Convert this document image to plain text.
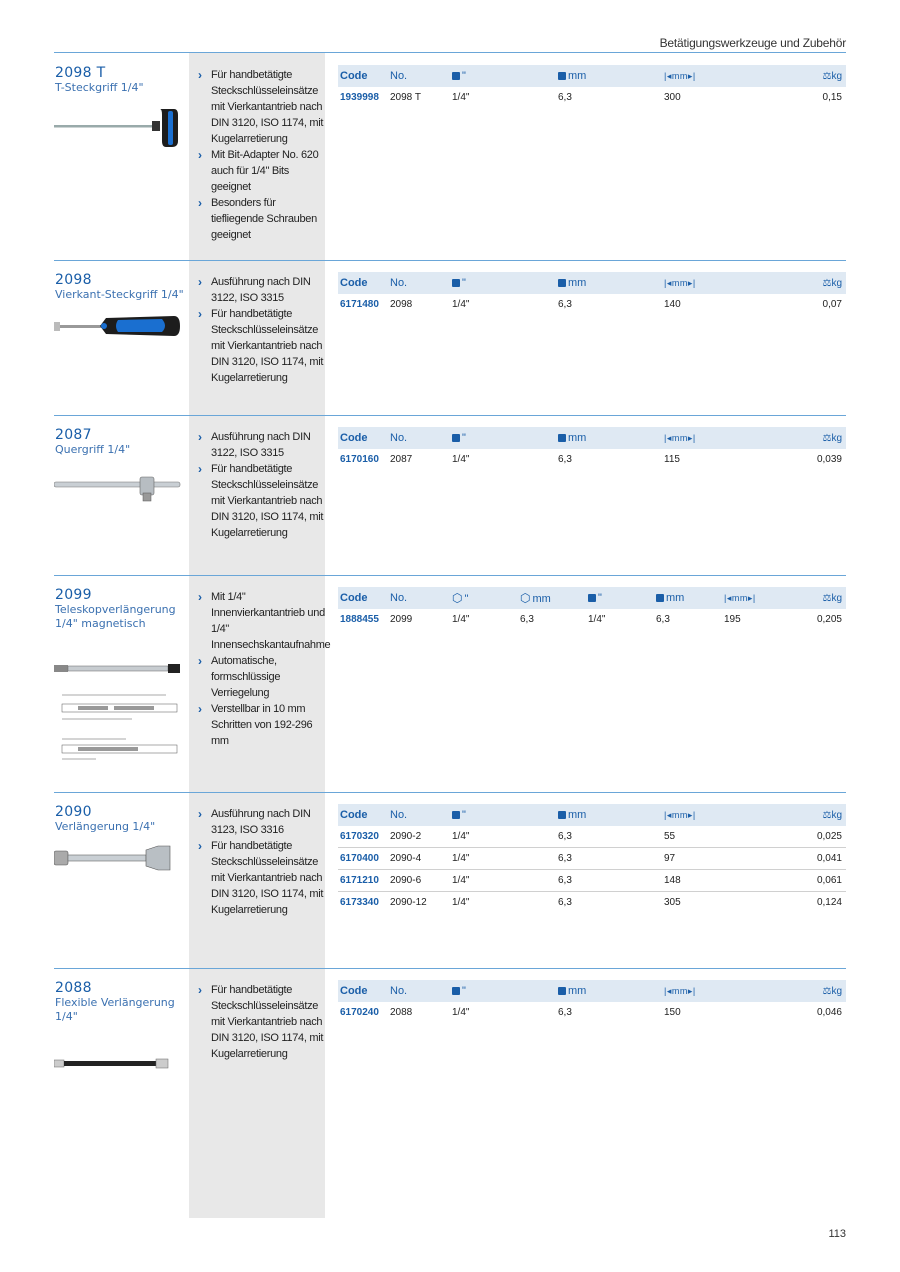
Betätigungswerkzeuge und Zubehör
2098 T
T-Steckgriff 1/4"
› Für handbetätigte Steckschlüsseleinsätze mit Vierkantantrieb nach DIN 3120, ISO 1174, mit Kugelarretierung
› Mit Bit-Adapter No. 620 auch für 1/4" Bits geeignet
› Besonders für tiefliegende Schrauben geeignet
Code	No.	"	mm	|◂mm▸|	⚖kg
1939998	2098 T	1/4"	6,3	300	0,15
2098
Vierkant-Steckgriff 1/4"
› Ausführung nach DIN 3122, ISO 3315
› Für handbetätigte Steckschlüsseleinsätze mit Vierkantantrieb nach DIN 3120, ISO 1174, mit Kugelarretierung
Code	No.	"	mm	|◂mm▸|	⚖kg
6171480	2098	1/4"	6,3	140	0,07
2087
Quergriff 1/4"
› Ausführung nach DIN 3122, ISO 3315
› Für handbetätigte Steckschlüsseleinsätze mit Vierkantantrieb nach DIN 3120, ISO 1174, mit Kugelarretierung
Code	No.	"	mm	|◂mm▸|	⚖kg
6170160	2087	1/4"	6,3	115	0,039
2099
Teleskopverlängerung 1/4" magnetisch
› Mit 1/4" Innenvierkantantrieb und 1/4" Innensechskantaufnahme
› Automatische, formschlüssige Verriegelung
› Verstellbar in 10 mm Schritten von 192-296 mm
Code	No.	⬡ "	⬡ mm	"	mm	|◂mm▸|	⚖kg
1888455	2099	1/4"	6,3	1/4"	6,3	195	0,205
2090
Verlängerung 1/4"
› Ausführung nach DIN 3123, ISO 3316
› Für handbetätigte Steckschlüsseleinsätze mit Vierkantantrieb nach DIN 3120, ISO 1174, mit Kugelarretierung
Code	No.	"	mm	|◂mm▸|	⚖kg
6170320	2090-2	1/4"	6,3	55	0,025
6170400	2090-4	1/4"	6,3	97	0,041
6171210	2090-6	1/4"	6,3	148	0,061
6173340	2090-12	1/4"	6,3	305	0,124
2088
Flexible Verlängerung 1/4"
› Für handbetätigte Steckschlüsseleinsätze mit Vierkantantrieb nach DIN 3120, ISO 1174, mit Kugelarretierung
Code	No.	"	mm	|◂mm▸|	⚖kg
6170240	2088	1/4"	6,3	150	0,046
113
